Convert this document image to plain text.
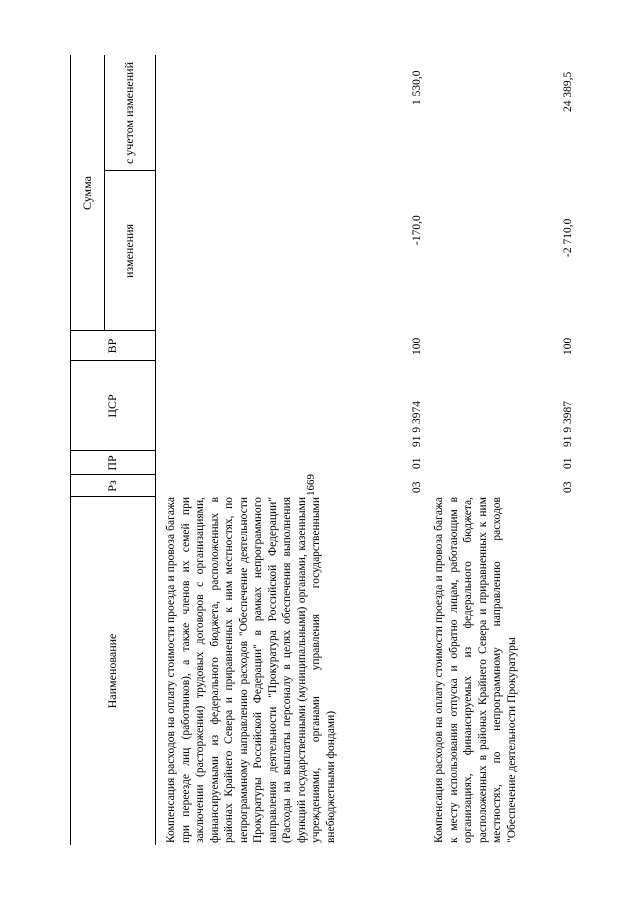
1669
Наименование
Рз
ПР
ЦСР
ВР
Сумма
изменения
с учетом изменений
Компенсация расходов на оплату стоимости проезда и провоза багажа при переезде лиц (работников), а также членов их семей при заключении (расторжении) трудовых договоров с организациями, финансируемыми из федерального бюджета, расположенных в районах Крайнего Севера и приравненных к ним местностях, по непрограммному направлению расходов "Обеспечение деятельности Прокуратуры Российской Федерации" в рамках непрограммного направления деятельности "Прокуратура Российской Федерации" (Расходы на выплаты персоналу в целях обеспечения выполнения функций государственными (муниципальными) органами, казенными учреждениями, органами управления государственными внебюджетными фондами)
03
01
91 9 3974
100
-170,0
1 530,0
Компенсация расходов на оплату стоимости проезда и провоза багажа к месту использования отпуска и обратно лицам, работающим в организациях, финансируемых из федерального бюджета, расположенных в районах Крайнего Севера и приравненных к ним местностях, по непрограммному направлению расходов "Обеспечение деятельности Прокуратуры
03
01
91 9 3987
100
-2 710,0
24 389,5
